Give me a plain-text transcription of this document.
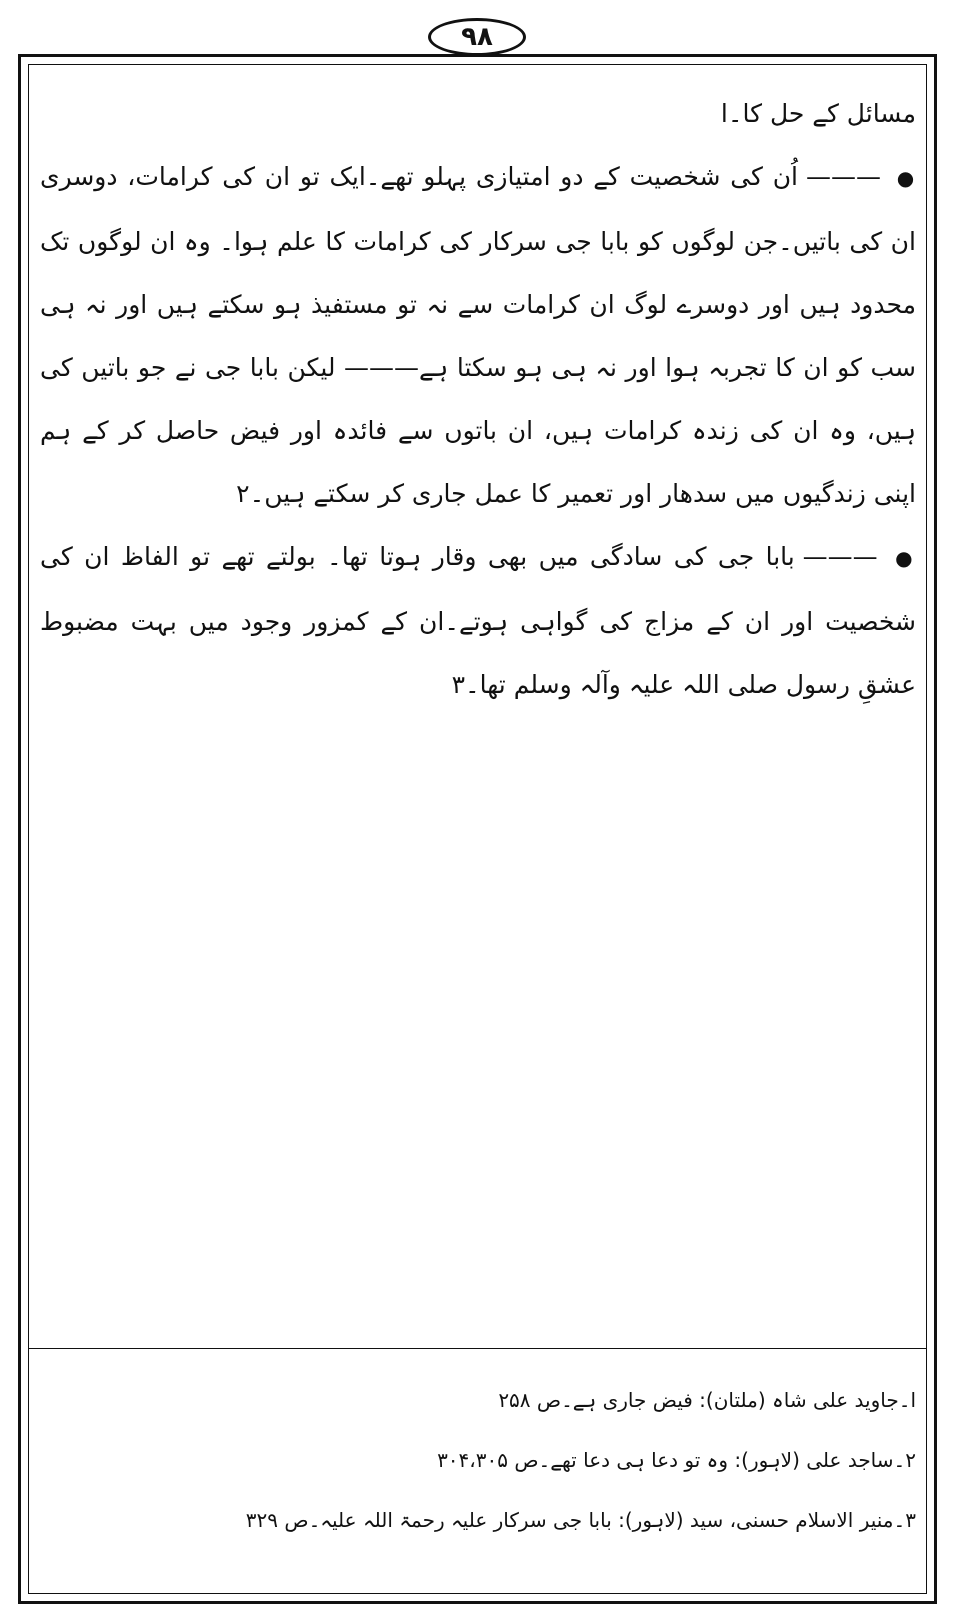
۹۸

مسائل کے حل کا۔ا

● ——— اُن کی شخصیت کے دو امتیازی پہلو تھے۔ایک تو ان کی کرامات، دوسری ان کی باتیں۔جن لوگوں کو بابا جی سرکار کی کرامات کا علم ہوا۔ وہ ان لوگوں تک محدود ہیں اور دوسرے لوگ ان کرامات سے نہ تو مستفیذ ہو سکتے ہیں اور نہ ہی سب کو ان کا تجربہ ہوا اور نہ ہی ہو سکتا ہے——— لیکن بابا جی نے جو باتیں کی ہیں، وہ ان کی زندہ کرامات ہیں، ان باتوں سے فائدہ اور فیض حاصل کر کے ہم اپنی زندگیوں میں سدھار اور تعمیر کا عمل جاری کر سکتے ہیں۔۲

● ——— بابا جی کی سادگی میں بھی وقار ہوتا تھا۔ بولتے تھے تو الفاظ ان کی شخصیت اور ان کے مزاج کی گواہی ہوتے۔ان کے کمزور وجود میں بہت مضبوط عشقِ رسول صلی اللہ علیہ وآلہ وسلم تھا۔۳

ا۔جاوید علی شاہ (ملتان): فیض جاری ہے۔ص ۲۵۸
۲۔ساجد علی (لاہور): وہ تو دعا ہی دعا تھے۔ص ۳۰۴،۳۰۵
۳۔منیر الاسلام حسنی، سید (لاہور): بابا جی سرکار علیہ رحمۃ اللہ علیہ۔ص ۳۲۹
